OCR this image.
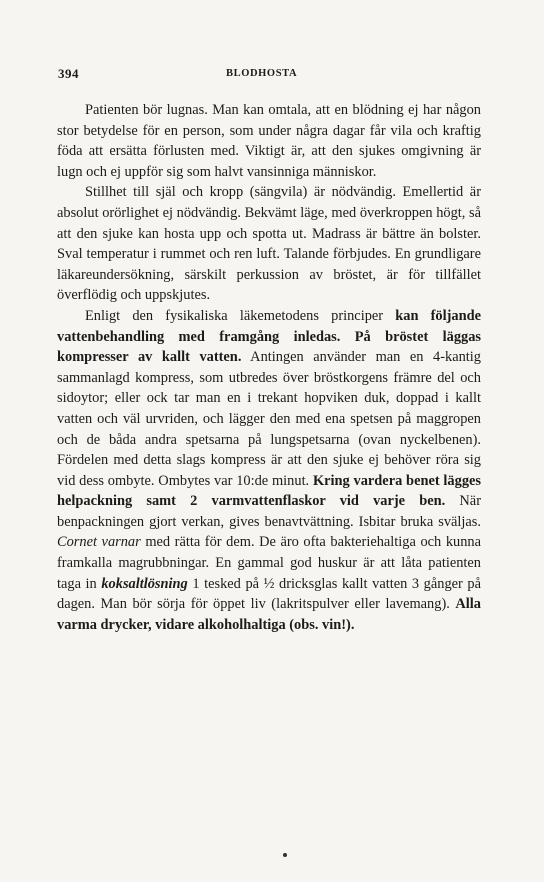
394	BLODHOSTA

Patienten bör lugnas. Man kan omtala, att en blödning ej har någon stor betydelse för en person, som under några dagar får vila och kraftig föda att ersätta förlusten med. Viktigt är, att den sjukes omgivning är lugn och ej uppför sig som halvt vansinniga människor.

Stillhet till själ och kropp (sängvila) är nödvändig. Emellertid är absolut orörlighet ej nödvändig. Bekvämt läge, med överkroppen högt, så att den sjuke kan hosta upp och spotta ut. Madrass är bättre än bolster. Sval temperatur i rummet och ren luft. Talande förbjudes. En grundligare läkareundersökning, särskilt perkussion av bröstet, är för tillfället överflödig och uppskjutes.

Enligt den fysikaliska läkemetodens principer kan följande vattenbehandling med framgång inledas. På bröstet läggas kompresser av kallt vatten. Antingen använder man en 4-kantig sammanlagd kompress, som utbredes över bröstkorgens främre del och sidoytor; eller ock tar man en i trekant hopviken duk, doppad i kallt vatten och väl urvriden, och lägger den med ena spetsen på maggropen och de båda andra spetsarna på lungspetsarna (ovan nyckelbenen). Fördelen med detta slags kompress är att den sjuke ej behöver röra sig vid dess ombyte. Ombytes var 10:de minut. Kring vardera benet lägges helpackning samt 2 varmvattenflaskor vid varje ben. När benpackningen gjort verkan, gives benavtvättning. Isbitar bruka sväljas. Cornet varnar med rätta för dem. De äro ofta bakteriehaltiga och kunna framkalla magrubbningar. En gammal god huskur är att låta patienten taga in koksaltlösning 1 tesked på ½ dricksglas kallt vatten 3 gånger på dagen. Man bör sörja för öppet liv (lakritspulver eller lavemang). Alla varma drycker, vidare alkoholhaltiga (obs. vin!).
